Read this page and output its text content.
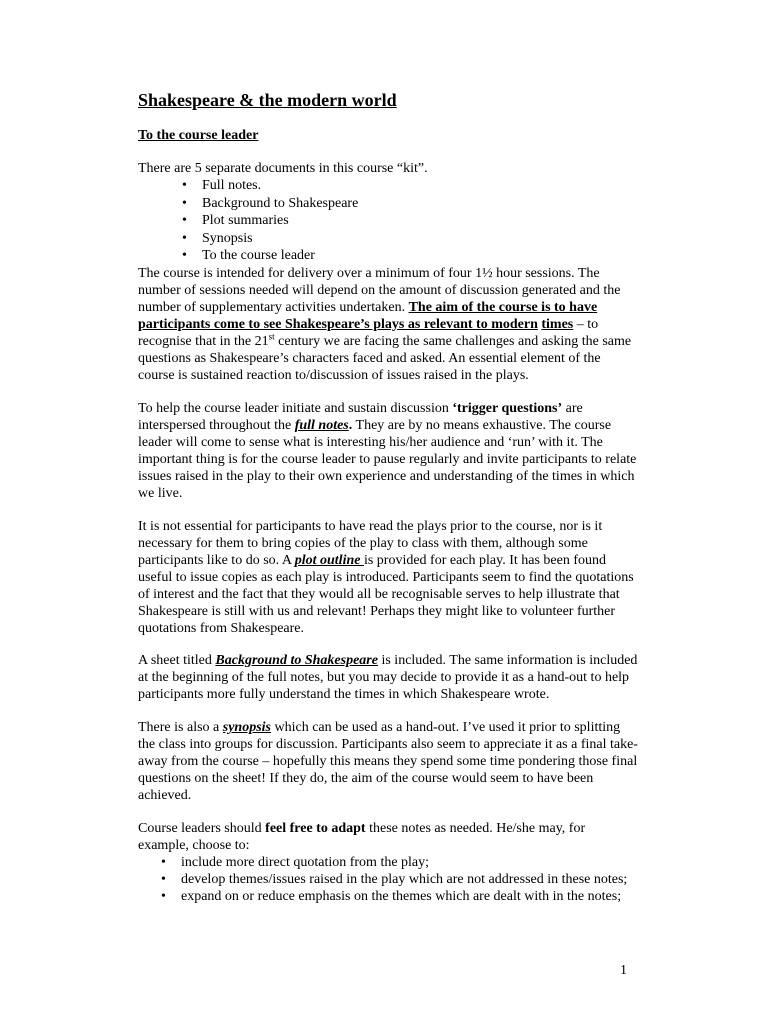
Shakespeare & the modern world
To the course leader
There are 5 separate documents in this course “kit”.
• Full notes.
• Background to Shakespeare
• Plot summaries
• Synopsis
• To the course leader

The course is intended for delivery over a minimum of four 1½ hour sessions. The number of sessions needed will depend on the amount of discussion generated and the number of supplementary activities undertaken. The aim of the course is to have participants come to see Shakespeare’s plays as relevant to modern times – to recognise that in the 21st century we are facing the same challenges and asking the same questions as Shakespeare’s characters faced and asked. An essential element of the course is sustained reaction to/discussion of issues raised in the plays.

To help the course leader initiate and sustain discussion ‘trigger questions’ are interspersed throughout the full notes. They are by no means exhaustive. The course leader will come to sense what is interesting his/her audience and ‘run’ with it. The important thing is for the course leader to pause regularly and invite participants to relate issues raised in the play to their own experience and understanding of the times in which we live.

It is not essential for participants to have read the plays prior to the course, nor is it necessary for them to bring copies of the play to class with them, although some participants like to do so. A plot outline is provided for each play. It has been found useful to issue copies as each play is introduced. Participants seem to find the quotations of interest and the fact that they would all be recognisable serves to help illustrate that Shakespeare is still with us and relevant! Perhaps they might like to volunteer further quotations from Shakespeare.

A sheet titled Background to Shakespeare is included. The same information is included at the beginning of the full notes, but you may decide to provide it as a hand-out to help participants more fully understand the times in which Shakespeare wrote.

There is also a synopsis which can be used as a hand-out. I’ve used it prior to splitting the class into groups for discussion. Participants also seem to appreciate it as a final take-away from the course – hopefully this means they spend some time pondering those final questions on the sheet! If they do, the aim of the course would seem to have been achieved.

Course leaders should feel free to adapt these notes as needed. He/she may, for example, choose to:

• include more direct quotation from the play;
• develop themes/issues raised in the play which are not addressed in these notes;
• expand on or reduce emphasis on the themes which are dealt with in the notes;
1
